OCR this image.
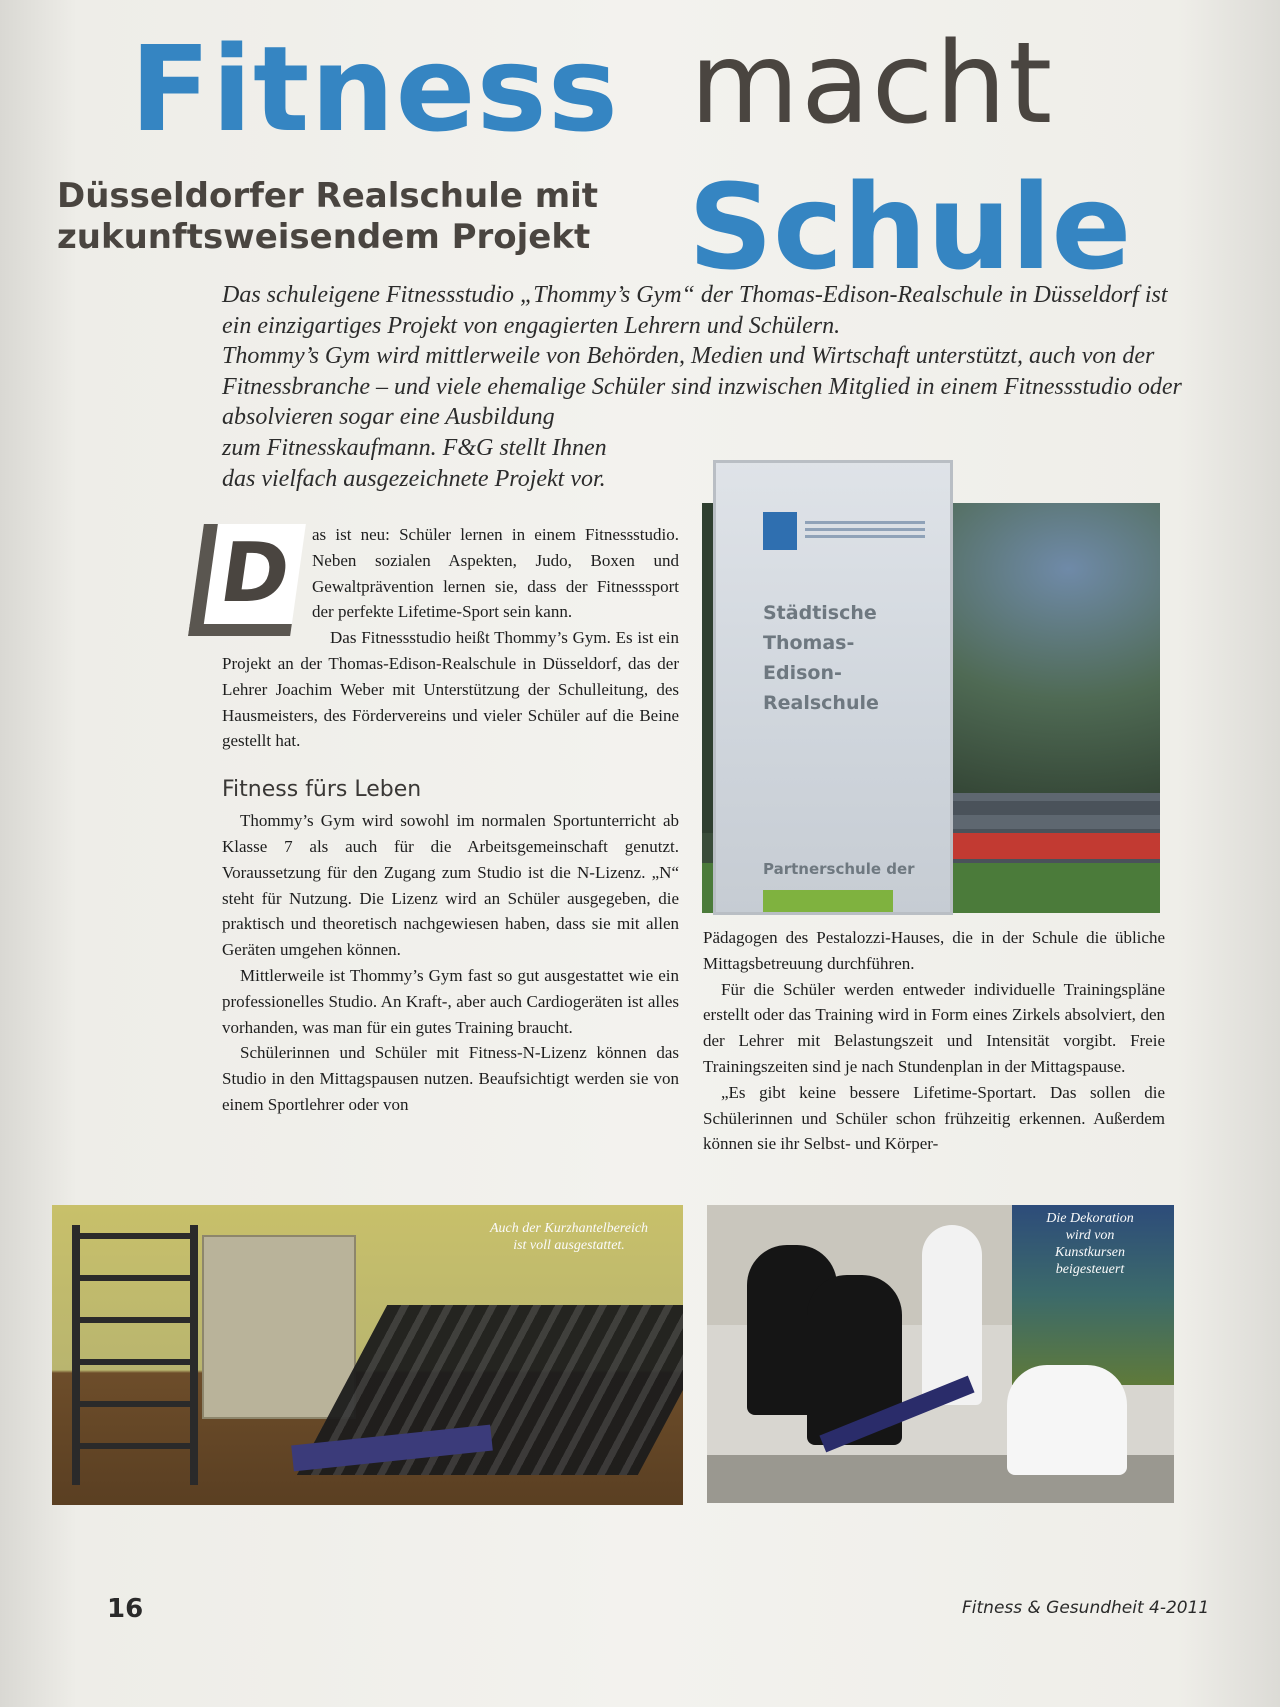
Fitness macht
Schule
Düsseldorfer Realschule mit zukunftsweisendem Projekt

Das schuleigene Fitnessstudio „Thommy’s Gym“ der Thomas-Edison-Realschule in Düsseldorf ist ein einzigartiges Projekt von engagierten Lehrern und Schülern.
Thommy’s Gym wird mittlerweile von Behörden, Medien und Wirtschaft unterstützt, auch von der Fitnessbranche – und viele ehemalige Schüler sind inzwischen Mitglied in einem Fitnessstudio oder absolvieren sogar eine Ausbildung
zum Fitnesskaufmann. F&G stellt Ihnen
das vielfach ausgezeichnete Projekt vor.

D as ist neu: Schüler lernen in einem Fitnessstudio. Neben sozialen Aspekten, Judo, Boxen und Gewaltprävention lernen sie, dass der Fitnesssport der perfekte Lifetime-Sport sein kann.

Das Fitnessstudio heißt Thommy’s Gym. Es ist ein Projekt an der Thomas-Edison-Realschule in Düsseldorf, das der Lehrer Joachim Weber mit Unterstützung der Schulleitung, des Hausmeisters, des Fördervereins und vieler Schüler auf die Beine gestellt hat.

Fitness fürs Leben

Thommy’s Gym wird sowohl im normalen Sportunterricht ab Klasse 7 als auch für die Arbeitsgemeinschaft genutzt. Voraussetzung für den Zugang zum Studio ist die N-Lizenz. „N“ steht für Nutzung. Die Lizenz wird an Schüler ausgegeben, die praktisch und theoretisch nachgewiesen haben, dass sie mit allen Geräten umgehen können.

Mittlerweile ist Thommy’s Gym fast so gut ausgestattet wie ein professionelles Studio. An Kraft-, aber auch Cardiogeräten ist alles vorhanden, was man für ein gutes Training braucht.

Schülerinnen und Schüler mit Fitness-N-Lizenz können das Studio in den Mittagspausen nutzen. Beaufsichtigt werden sie von einem Sportlehrer oder von

Pädagogen des Pestalozzi-Hauses, die in der Schule die übliche Mittagsbetreuung durchführen.

Für die Schüler werden entweder individuelle Trainingspläne erstellt oder das Training wird in Form eines Zirkels absolviert, den der Lehrer mit Belastungszeit und Intensität vorgibt. Freie Trainingszeiten sind je nach Stundenplan in der Mittagspause.

„Es gibt keine bessere Lifetime-Sportart. Das sollen die Schülerinnen und Schüler schon frühzeitig erkennen. Außerdem können sie ihr Selbst- und Körper-

Städtische
Thomas-
Edison-
Realschule

Partnerschule der

Auch der Kurzhantelbereich
ist voll ausgestattet.

Die Dekoration
wird von
Kunstkursen
beigesteuert

16	Fitness & Gesundheit 4-2011
